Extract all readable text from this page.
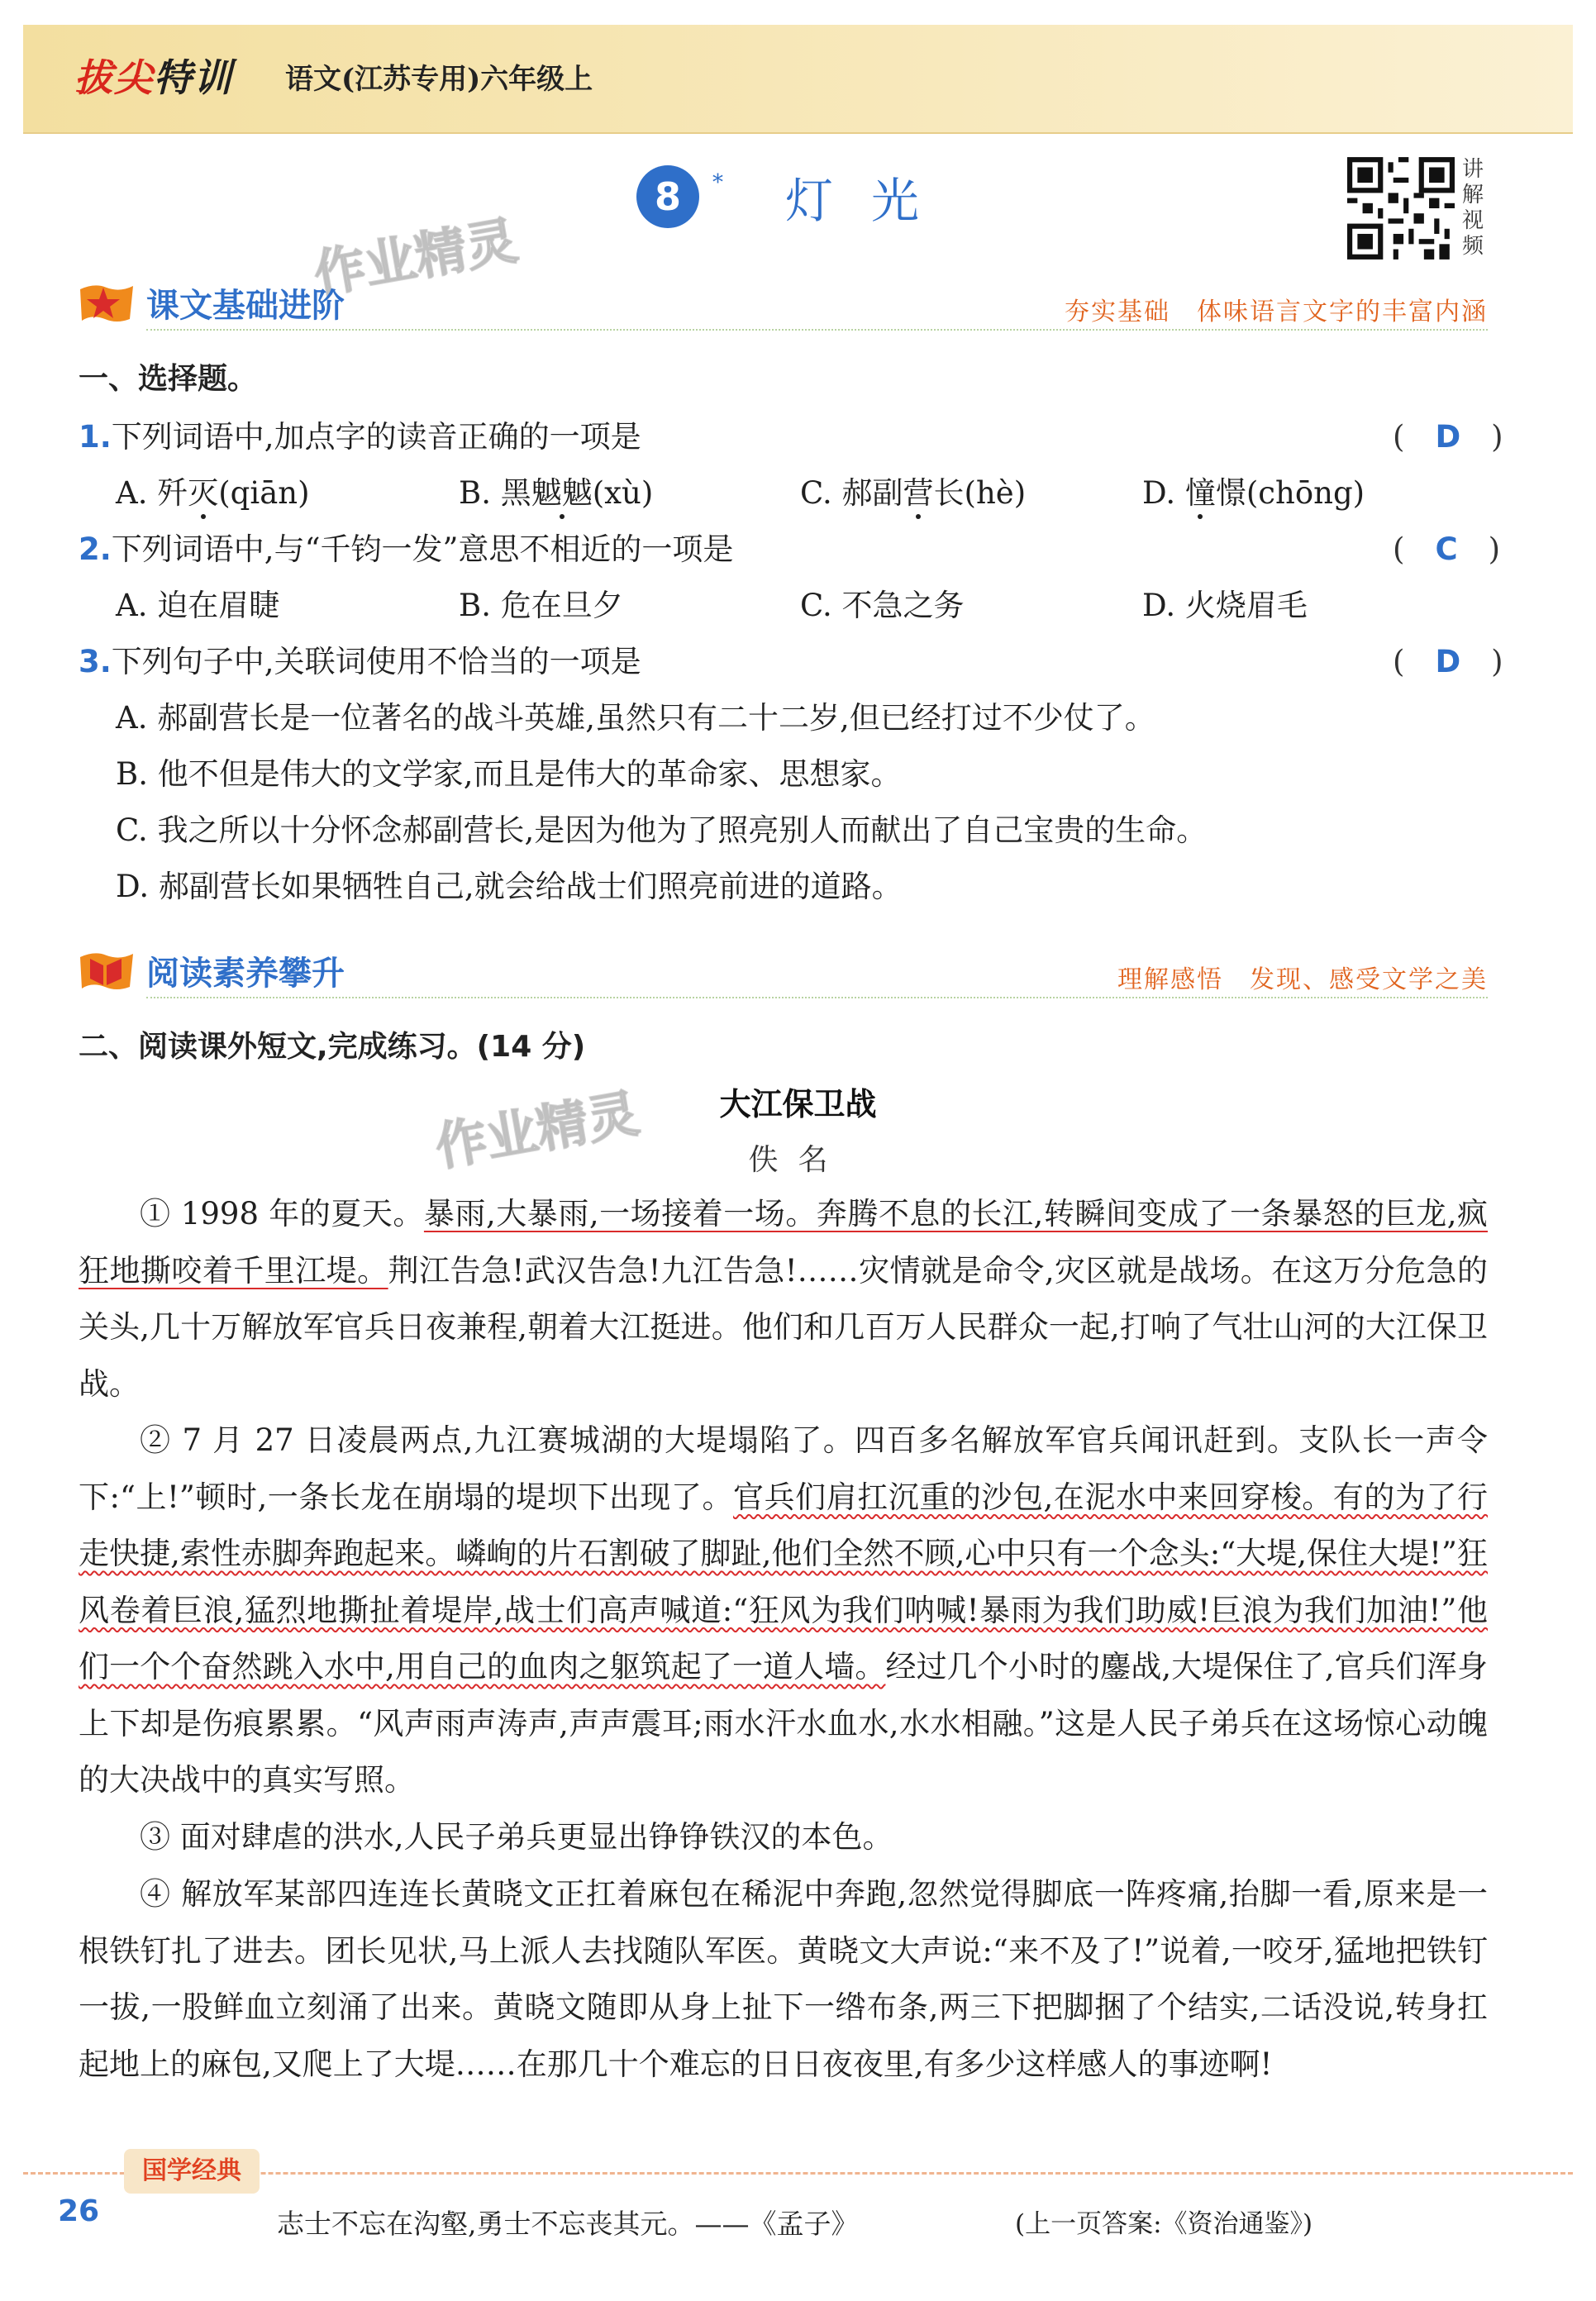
拔尖特训 语文(江苏专用)六年级上
8	* 灯光
讲解视频
作业精灵
作业精灵
课文基础进阶	夯实基础　体味语言文字的丰富内涵
一、选择题。
1.下列词语中,加点字的读音正确的一项是	(　D　)
A. 歼灭(qiān)	B. 黑魆魆(xù)	C. 郝副营长(hè)	D. 憧憬(chōng)
2.下列词语中,与“千钧一发”意思不相近的一项是	(　C　)
A. 迫在眉睫	B. 危在旦夕	C. 不急之务	D. 火烧眉毛
3.下列句子中,关联词使用不恰当的一项是	(　D　)
A. 郝副营长是一位著名的战斗英雄,虽然只有二十二岁,但已经打过不少仗了。
B. 他不但是伟大的文学家,而且是伟大的革命家、思想家。
C. 我之所以十分怀念郝副营长,是因为他为了照亮别人而献出了自己宝贵的生命。
D. 郝副营长如果牺牲自己,就会给战士们照亮前进的道路。
阅读素养攀升	理解感悟　发现、感受文学之美
二、阅读课外短文,完成练习。(14 分)
大江保卫战
佚名
① 1998 年的夏天。暴雨,大暴雨,一场接着一场。奔腾不息的长江,转瞬间变成了一条暴怒的巨龙,疯狂地撕咬着千里江堤。荆江告急!武汉告急!九江告急!……灾情就是命令,灾区就是战场。在这万分危急的关头,几十万解放军官兵日夜兼程,朝着大江挺进。他们和几百万人民群众一起,打响了气壮山河的大江保卫战。
② 7 月 27 日凌晨两点,九江赛城湖的大堤塌陷了。四百多名解放军官兵闻讯赶到。支队长一声令下:“上!”顿时,一条长龙在崩塌的堤坝下出现了。官兵们肩扛沉重的沙包,在泥水中来回穿梭。有的为了行走快捷,索性赤脚奔跑起来。嶙峋的片石割破了脚趾,他们全然不顾,心中只有一个念头:“大堤,保住大堤!”狂风卷着巨浪,猛烈地撕扯着堤岸,战士们高声喊道:“狂风为我们呐喊!暴雨为我们助威!巨浪为我们加油!”他们一个个奋然跳入水中,用自己的血肉之躯筑起了一道人墙。经过几个小时的鏖战,大堤保住了,官兵们浑身上下却是伤痕累累。“风声雨声涛声,声声震耳;雨水汗水血水,水水相融。”这是人民子弟兵在这场惊心动魄的大决战中的真实写照。
③ 面对肆虐的洪水,人民子弟兵更显出铮铮铁汉的本色。
④ 解放军某部四连连长黄晓文正扛着麻包在稀泥中奔跑,忽然觉得脚底一阵疼痛,抬脚一看,原来是一根铁钉扎了进去。团长见状,马上派人去找随队军医。黄晓文大声说:“来不及了!”说着,一咬牙,猛地把铁钉一拔,一股鲜血立刻涌了出来。黄晓文随即从身上扯下一绺布条,两三下把脚捆了个结实,二话没说,转身扛起地上的麻包,又爬上了大堤……在那几十个难忘的日日夜夜里,有多少这样感人的事迹啊!
国学经典
26	志士不忘在沟壑,勇士不忘丧其元。——《孟子》	(上一页答案:《资治通鉴》)
